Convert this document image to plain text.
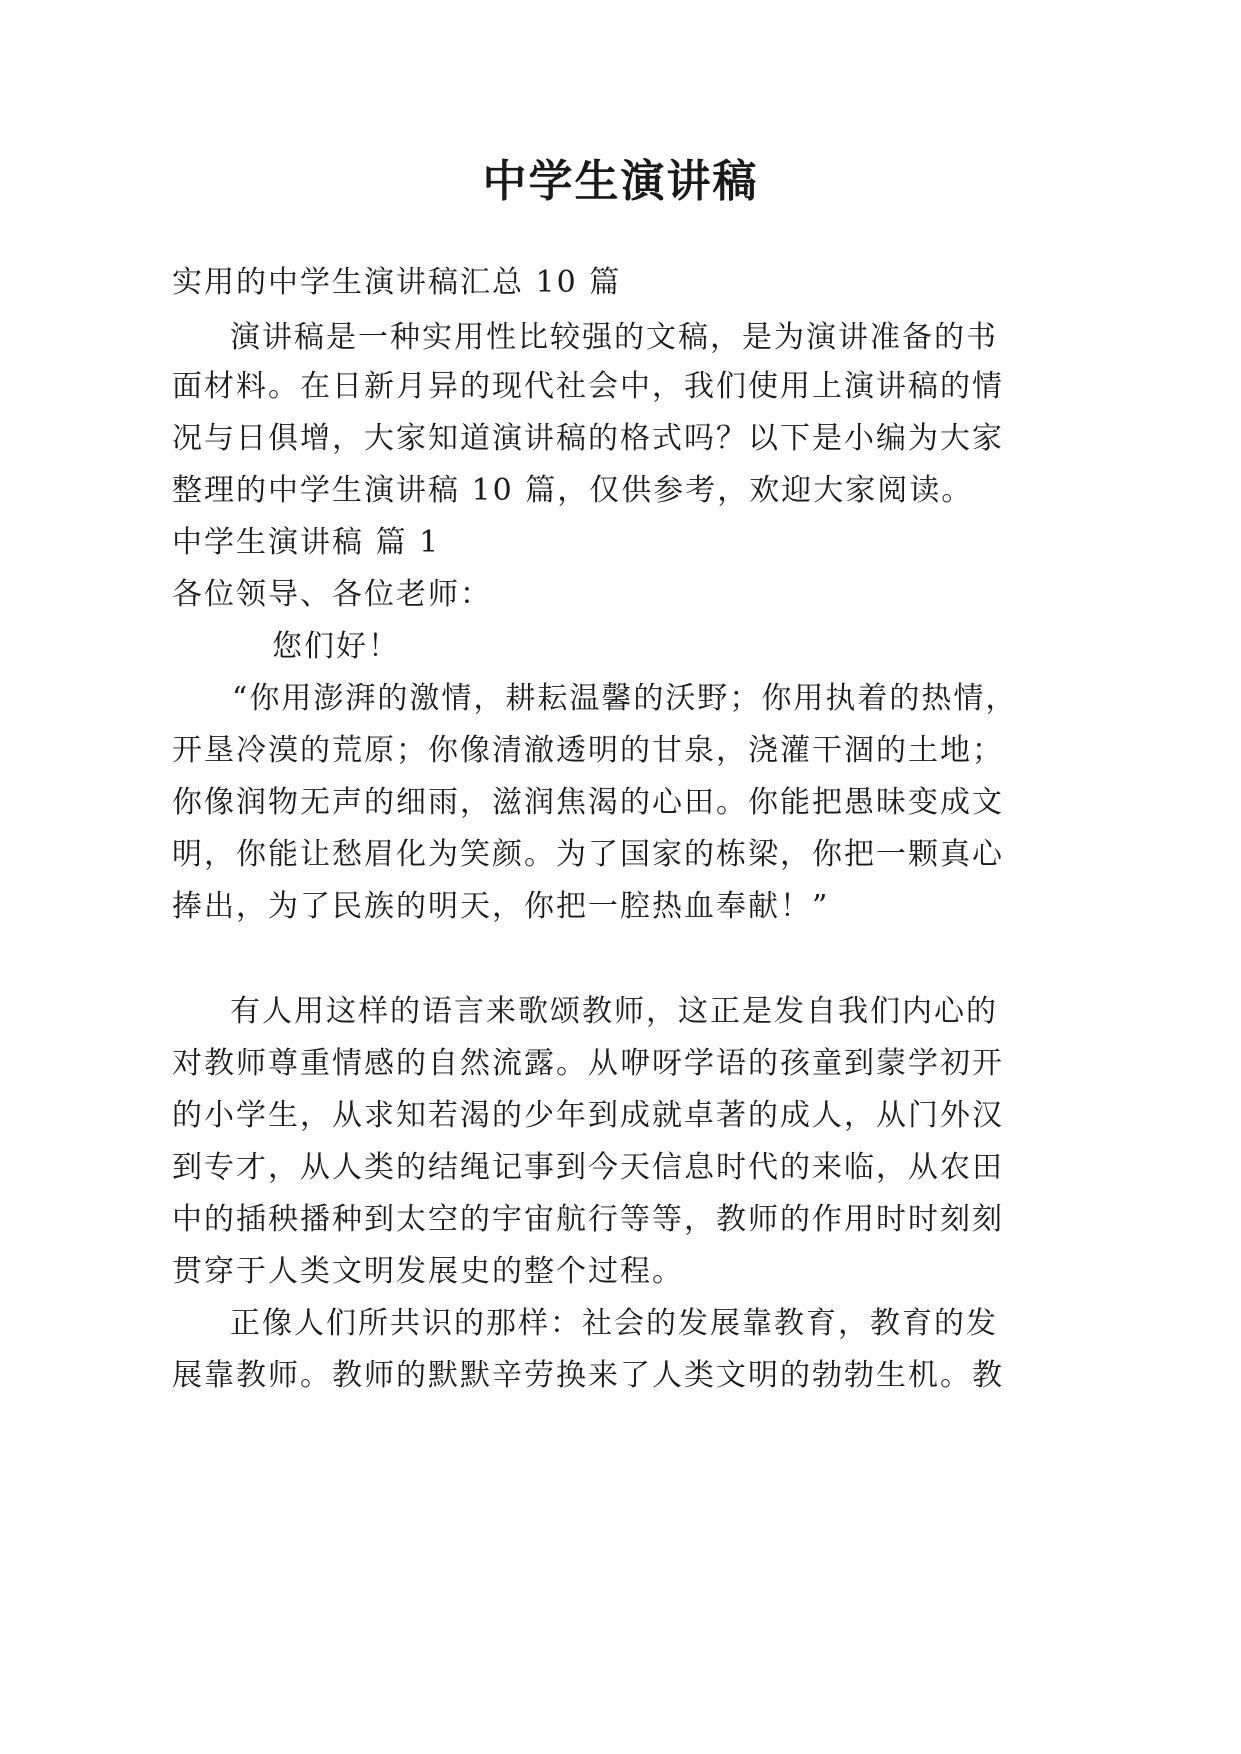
中学生演讲稿
实用的中学生演讲稿汇总 10 篇
演讲稿是一种实用性比较强的文稿，是为演讲准备的书
面材料。在日新月异的现代社会中，我们使用上演讲稿的情
况与日俱增，大家知道演讲稿的格式吗？以下是小编为大家
整理的中学生演讲稿 10 篇，仅供参考，欢迎大家阅读。
中学生演讲稿 篇 1
各位领导、各位老师：
您们好！
“你用澎湃的激情，耕耘温馨的沃野；你用执着的热情，
开垦冷漠的荒原；你像清澈透明的甘泉，浇灌干涸的土地；
你像润物无声的细雨，滋润焦渴的心田。你能把愚昧变成文
明，你能让愁眉化为笑颜。为了国家的栋梁，你把一颗真心
捧出，为了民族的明天，你把一腔热血奉献！”
有人用这样的语言来歌颂教师，这正是发自我们内心的
对教师尊重情感的自然流露。从咿呀学语的孩童到蒙学初开
的小学生，从求知若渴的少年到成就卓著的成人，从门外汉
到专才，从人类的结绳记事到今天信息时代的来临，从农田
中的插秧播种到太空的宇宙航行等等，教师的作用时时刻刻
贯穿于人类文明发展史的整个过程。
正像人们所共识的那样：社会的发展靠教育，教育的发
展靠教师。教师的默默辛劳换来了人类文明的勃勃生机。教
